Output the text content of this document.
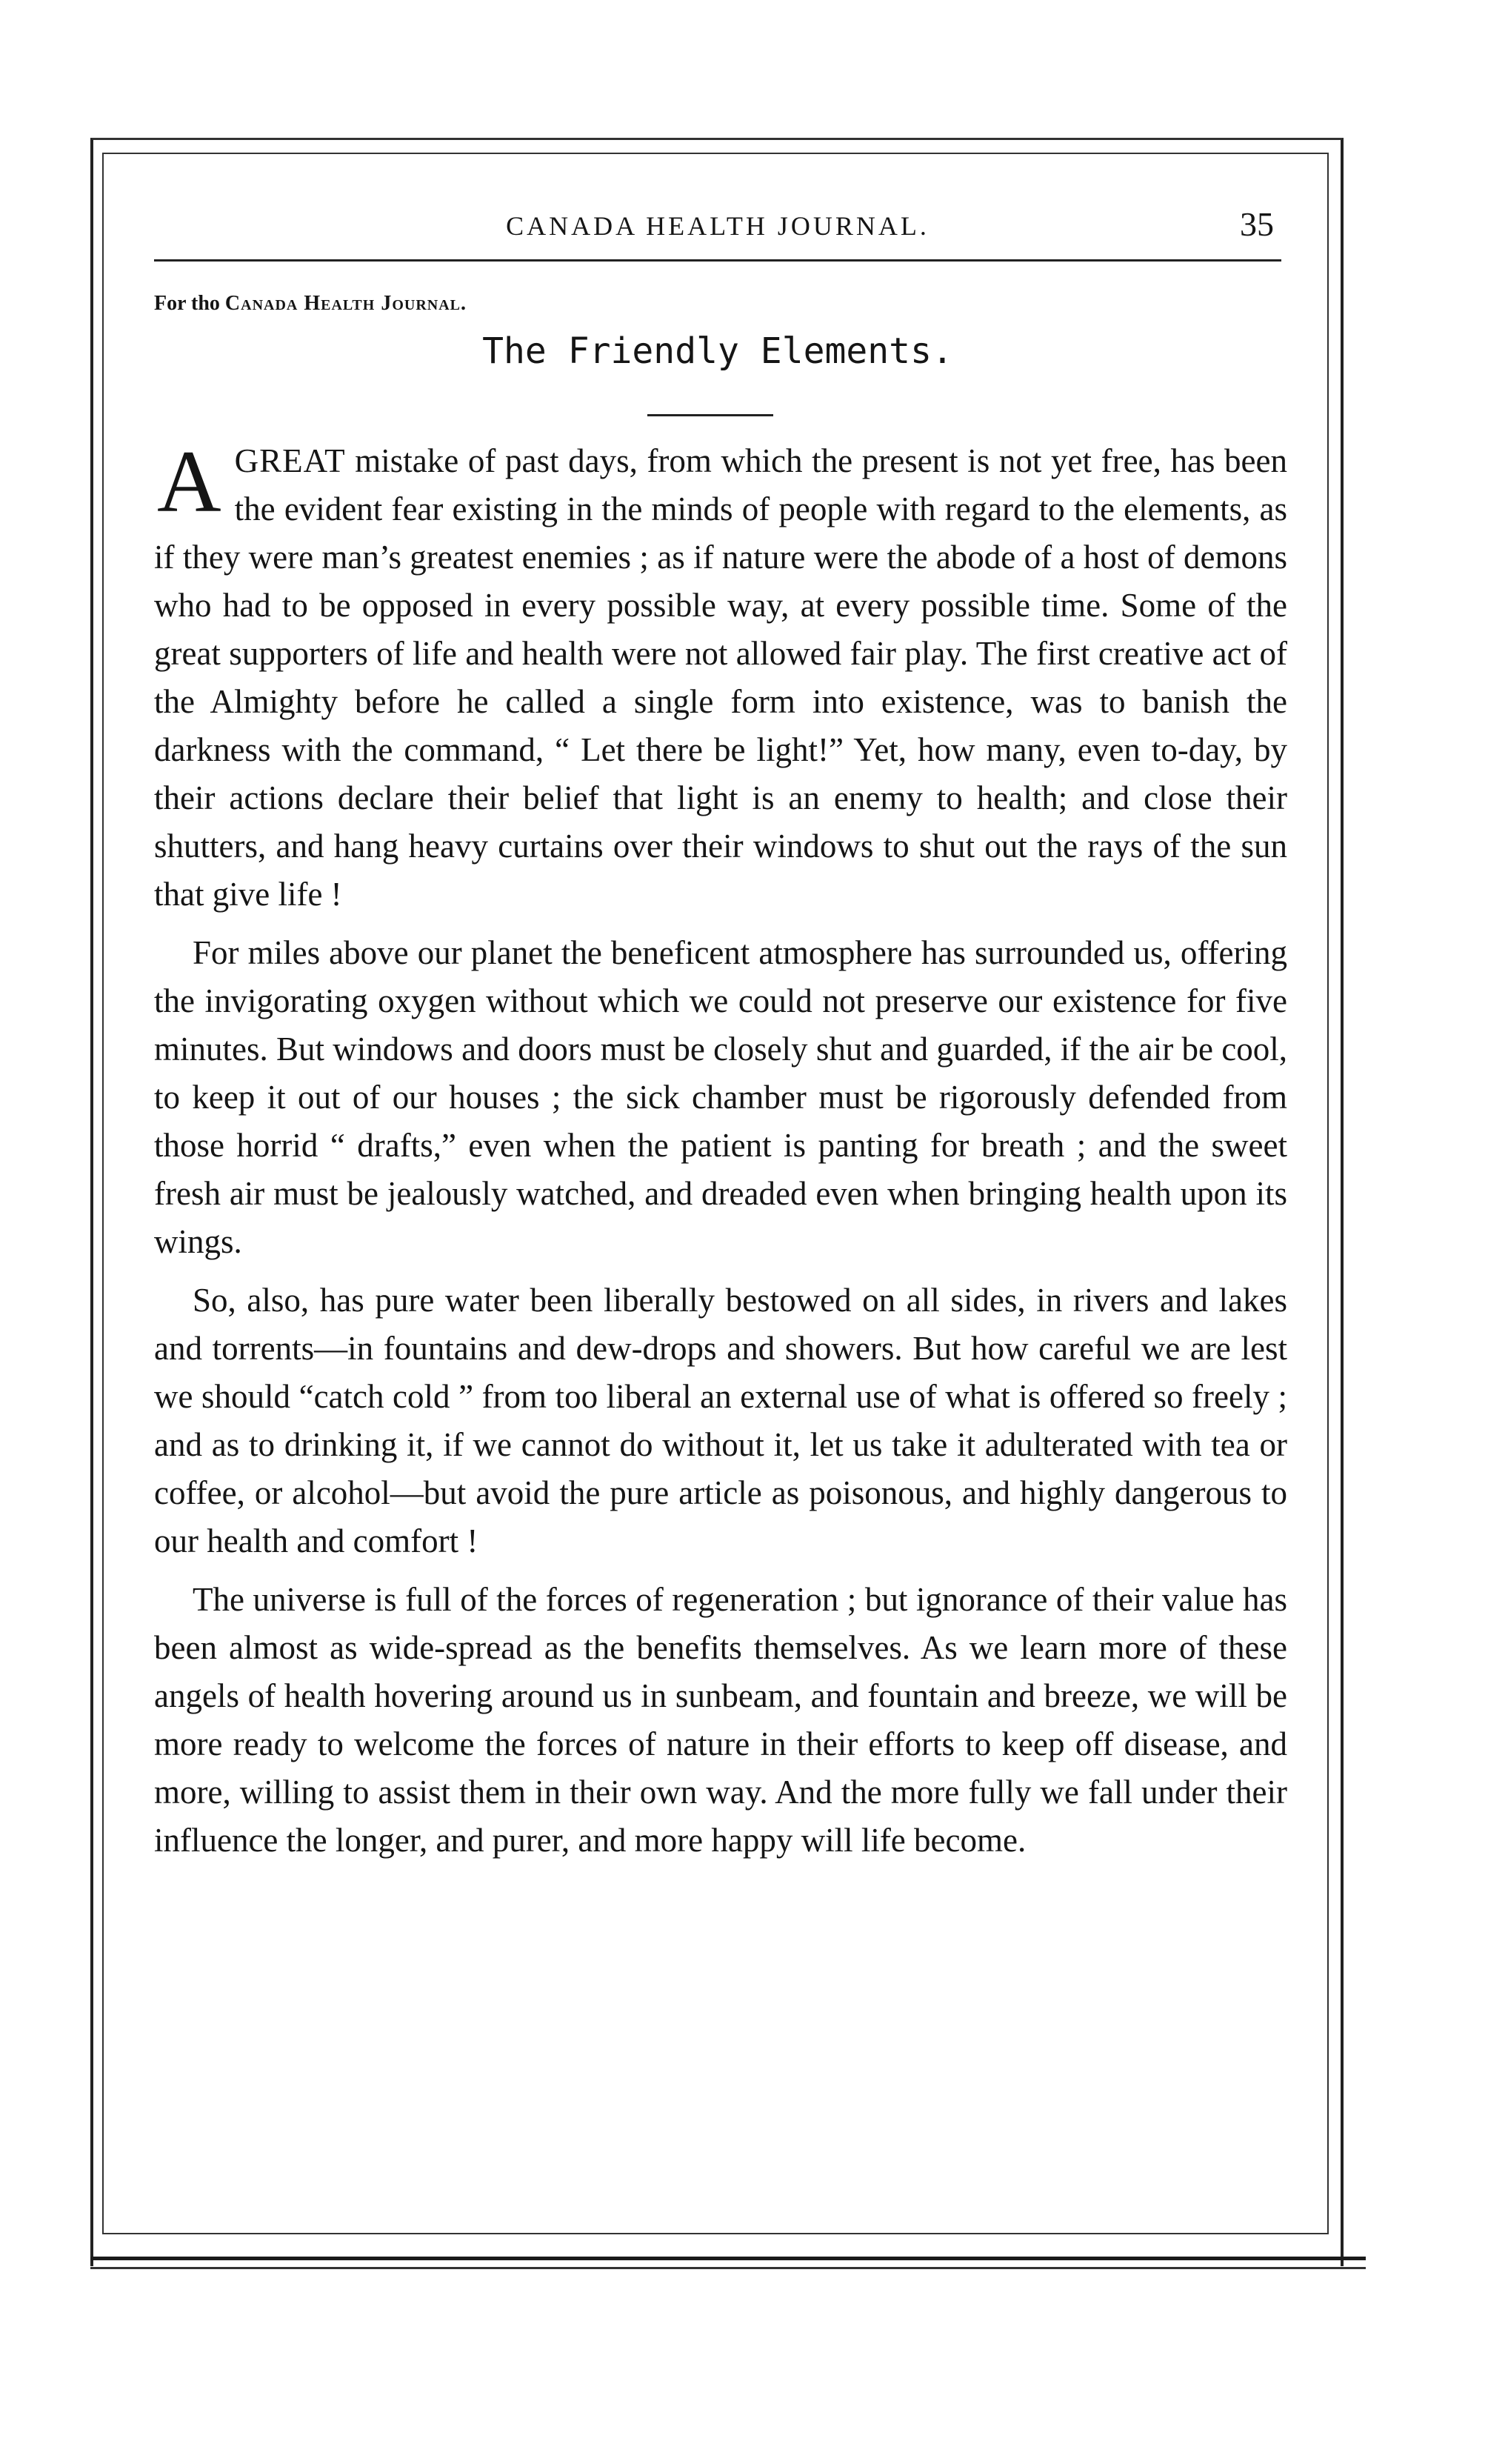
CANADA HEALTH JOURNAL.	35
For tho Canada Health Journal.
The Friendly Elements.

AGREAT mistake of past days, from which the present is not yet free, has been the evident fear existing in the minds of people with regard to the elements, as if they were man’s greatest enemies ; as if nature were the abode of a host of demons who had to be opposed in every possible way, at every possible time. Some of the great supporters of life and health were not allowed fair play. The first creative act of the Almighty before he called a single form into existence, was to banish the darkness with the command, “ Let there be light!” Yet, how many, even to-day, by their actions declare their belief that light is an enemy to health; and close their shutters, and hang heavy curtains over their windows to shut out the rays of the sun that give life !

For miles above our planet the beneficent atmosphere has surrounded us, offering the invigorating oxygen without which we could not preserve our existence for five minutes. But windows and doors must be closely shut and guarded, if the air be cool, to keep it out of our houses ; the sick chamber must be rigorously defended from those horrid “ drafts,” even when the patient is panting for breath ; and the sweet fresh air must be jealously watched, and dreaded even when bringing health upon its wings.

So, also, has pure water been liberally bestowed on all sides, in rivers and lakes and torrents—in fountains and dew-drops and showers. But how careful we are lest we should “catch cold ” from too liberal an external use of what is offered so freely ; and as to drinking it, if we cannot do without it, let us take it adulterated with tea or coffee, or alcohol—but avoid the pure article as poisonous, and highly dangerous to our health and comfort !

The universe is full of the forces of regeneration ; but ignorance of their value has been almost as wide-spread as the benefits themselves. As we learn more of these angels of health hovering around us in sunbeam, and fountain and breeze, we will be more ready to welcome the forces of nature in their efforts to keep off disease, and more, willing to assist them in their own way. And the more fully we fall under their influence the longer, and purer, and more happy will life become.
